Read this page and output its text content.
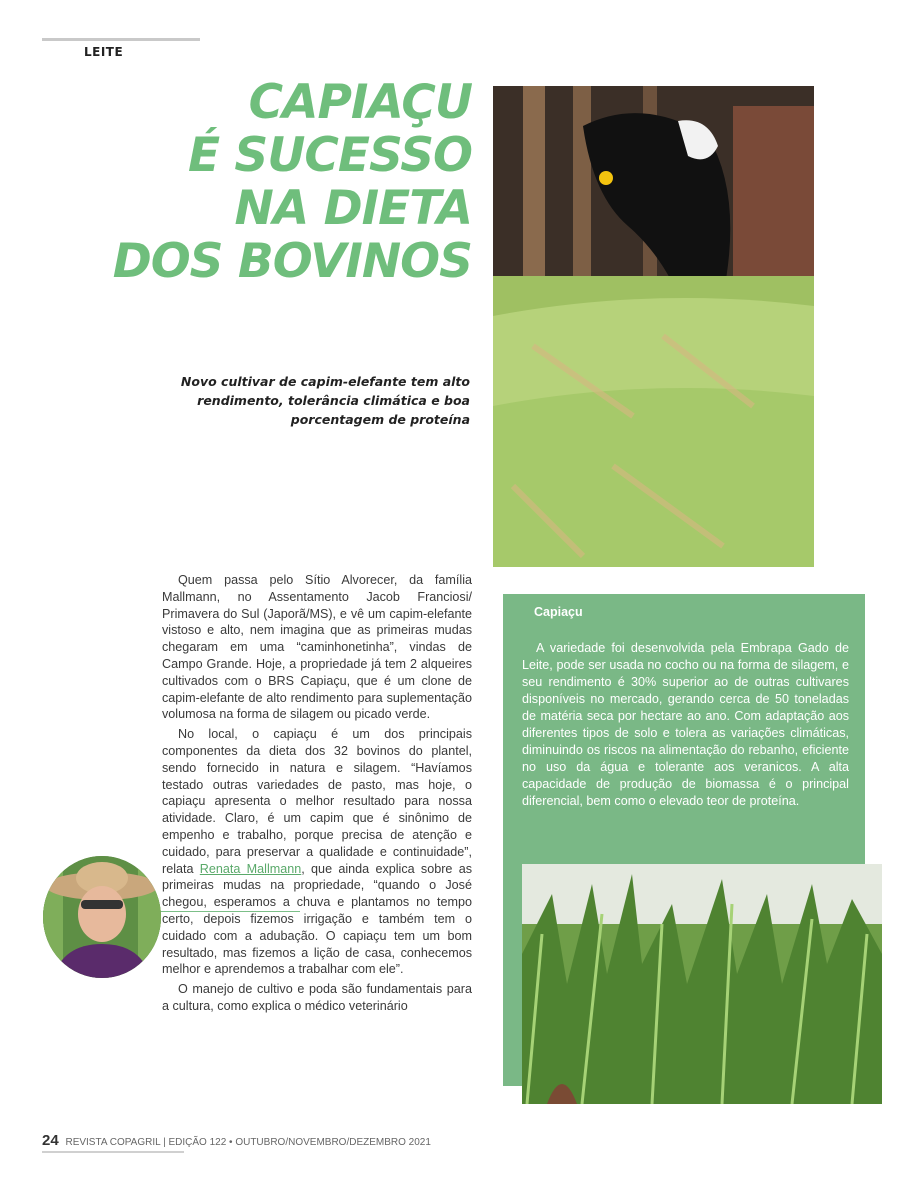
LEITE
CAPIAÇU
É SUCESSO
NA DIETA
DOS BOVINOS
Novo cultivar de capim-elefante tem alto rendimento, tolerância climática e boa porcentagem de proteína

Quem passa pelo Sítio Alvorecer, da família Mallmann, no Assentamento Jacob Franciosi/ Primavera do Sul (Japorã/MS), e vê um capim-elefante vistoso e alto, nem imagina que as primeiras mudas chegaram em uma “caminhonetinha”, vindas de Campo Grande. Hoje, a propriedade já tem 2 alqueires cultivados com o BRS Capiaçu, que é um clone de capim-elefante de alto rendimento para suplementação volumosa na forma de silagem ou picado verde.

No local, o capiaçu é um dos principais componentes da dieta dos 32 bovinos do plantel, sendo fornecido in natura e silagem. “Havíamos testado outras variedades de pasto, mas hoje, o capiaçu apresenta o melhor resultado para nossa atividade. Claro, é um capim que é sinônimo de empenho e trabalho, porque precisa de atenção e cuidado, para preservar a qualidade e continuidade”, relata Renata Mallmann, que ainda explica sobre as primeiras mudas na propriedade, “quando o José chegou, esperamos a chuva e plantamos no tempo certo, depois fizemos irrigação e também tem o cuidado com a adubação. O capiaçu tem um bom resultado, mas fizemos a lição de casa, conhecemos melhor e aprendemos a trabalhar com ele”.

O manejo de cultivo e poda são fundamentais para a cultura, como explica o médico veterinário

Capiaçu
A variedade foi desenvolvida pela Embrapa Gado de Leite, pode ser usada no cocho ou na forma de silagem, e seu rendimento é 30% superior ao de outras cultivares disponíveis no mercado, gerando cerca de 50 toneladas de matéria seca por hectare ao ano. Com adaptação aos diferentes tipos de solo e tolera as variações climáticas, diminuindo os riscos na alimentação do rebanho, eficiente no uso da água e tolerante aos veranicos. A alta capacidade de produção de biomassa é o principal diferencial, bem como o elevado teor de proteína.
24 REVISTA COPAGRIL | EDIÇÃO 122 • OUTUBRO/NOVEMBRO/DEZEMBRO 2021
